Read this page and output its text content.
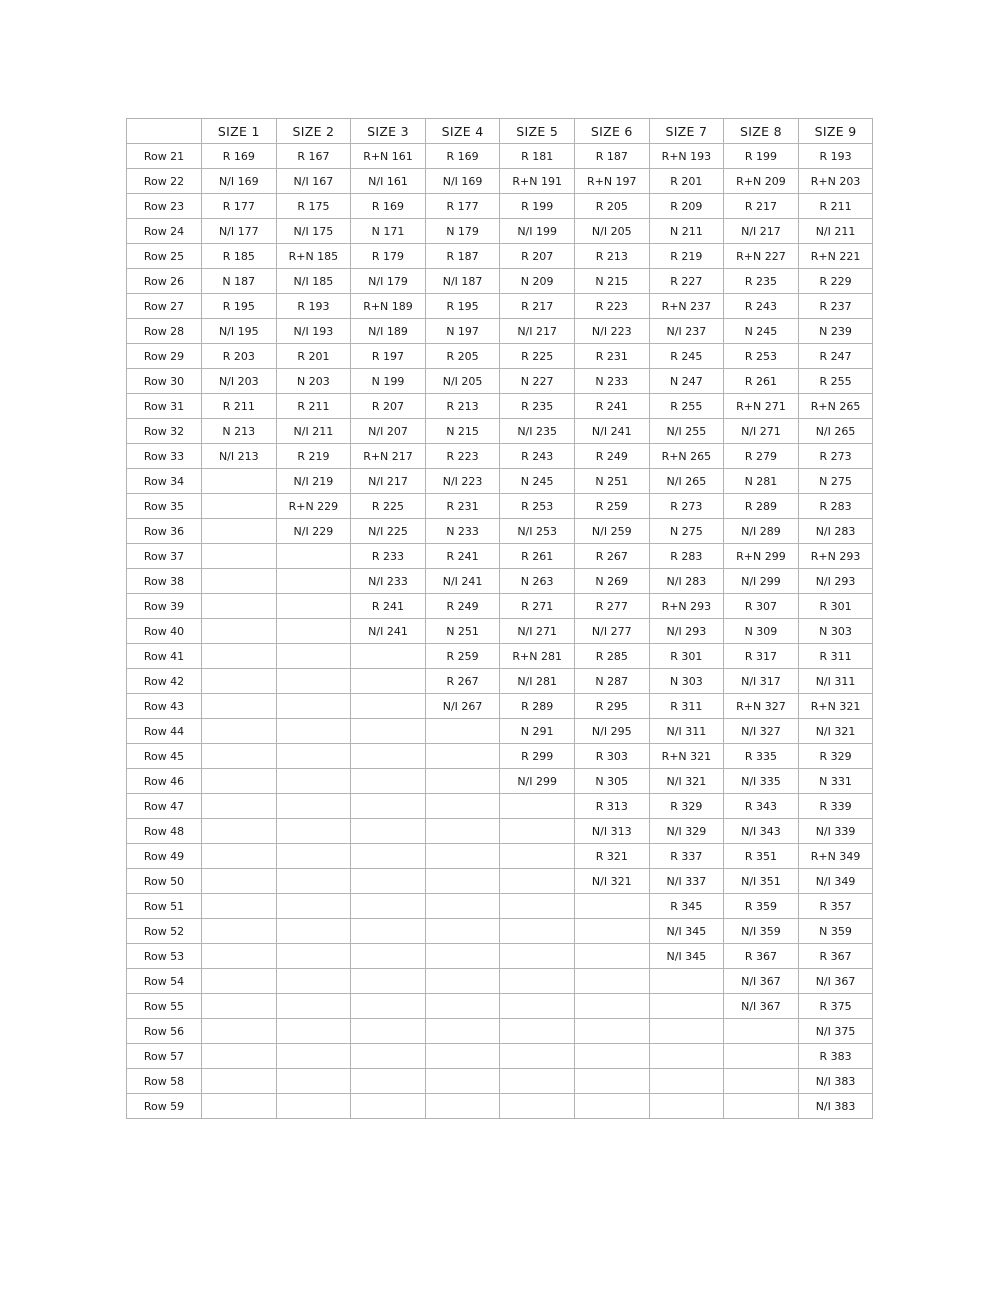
	SIZE 1	SIZE 2	SIZE 3	SIZE 4	SIZE 5	SIZE 6	SIZE 7	SIZE 8	SIZE 9
Row 21	R 169	R 167	R+N 161	R 169	R 181	R 187	R+N 193	R 199	R 193
Row 22	N/I 169	N/I 167	N/I 161	N/I 169	R+N 191	R+N 197	R 201	R+N 209	R+N 203
Row 23	R 177	R 175	R 169	R 177	R 199	R 205	R 209	R 217	R 211
Row 24	N/I 177	N/I 175	N 171	N 179	N/I 199	N/I 205	N 211	N/I 217	N/I 211
Row 25	R 185	R+N 185	R 179	R 187	R 207	R 213	R 219	R+N 227	R+N 221
Row 26	N 187	N/I 185	N/I 179	N/I 187	N 209	N 215	R 227	R 235	R 229
Row 27	R 195	R 193	R+N 189	R 195	R 217	R 223	R+N 237	R 243	R 237
Row 28	N/I 195	N/I 193	N/I 189	N 197	N/I 217	N/I 223	N/I 237	N 245	N 239
Row 29	R 203	R 201	R 197	R 205	R 225	R 231	R 245	R 253	R 247
Row 30	N/I 203	N 203	N 199	N/I 205	N 227	N 233	N 247	R 261	R 255
Row 31	R 211	R 211	R 207	R 213	R 235	R 241	R 255	R+N 271	R+N 265
Row 32	N 213	N/I 211	N/I 207	N 215	N/I 235	N/I 241	N/I 255	N/I 271	N/I 265
Row 33	N/I 213	R 219	R+N 217	R 223	R 243	R 249	R+N 265	R 279	R 273
Row 34		N/I 219	N/I 217	N/I 223	N 245	N 251	N/I 265	N 281	N 275
Row 35		R+N 229	R 225	R 231	R 253	R 259	R 273	R 289	R 283
Row 36		N/I 229	N/I 225	N 233	N/I 253	N/I 259	N 275	N/I 289	N/I 283
Row 37			R 233	R 241	R 261	R 267	R 283	R+N 299	R+N 293
Row 38			N/I 233	N/I 241	N 263	N 269	N/I 283	N/I 299	N/I 293
Row 39			R 241	R 249	R 271	R 277	R+N 293	R 307	R 301
Row 40			N/I 241	N 251	N/I 271	N/I 277	N/I 293	N 309	N 303
Row 41				R 259	R+N 281	R 285	R 301	R 317	R 311
Row 42				R 267	N/I 281	N 287	N 303	N/I 317	N/I 311
Row 43				N/I 267	R 289	R 295	R 311	R+N 327	R+N 321
Row 44					N 291	N/I 295	N/I 311	N/I 327	N/I 321
Row 45					R 299	R 303	R+N 321	R 335	R 329
Row 46					N/I 299	N 305	N/I 321	N/I 335	N 331
Row 47						R 313	R 329	R 343	R 339
Row 48						N/I 313	N/I 329	N/I 343	N/I 339
Row 49						R 321	R 337	R 351	R+N 349
Row 50						N/I 321	N/I 337	N/I 351	N/I 349
Row 51							R 345	R 359	R 357
Row 52							N/I 345	N/I 359	N 359
Row 53							N/I 345	R 367	R 367
Row 54								N/I 367	N/I 367
Row 55								N/I 367	R 375
Row 56									N/I 375
Row 57									R 383
Row 58									N/I 383
Row 59									N/I 383
